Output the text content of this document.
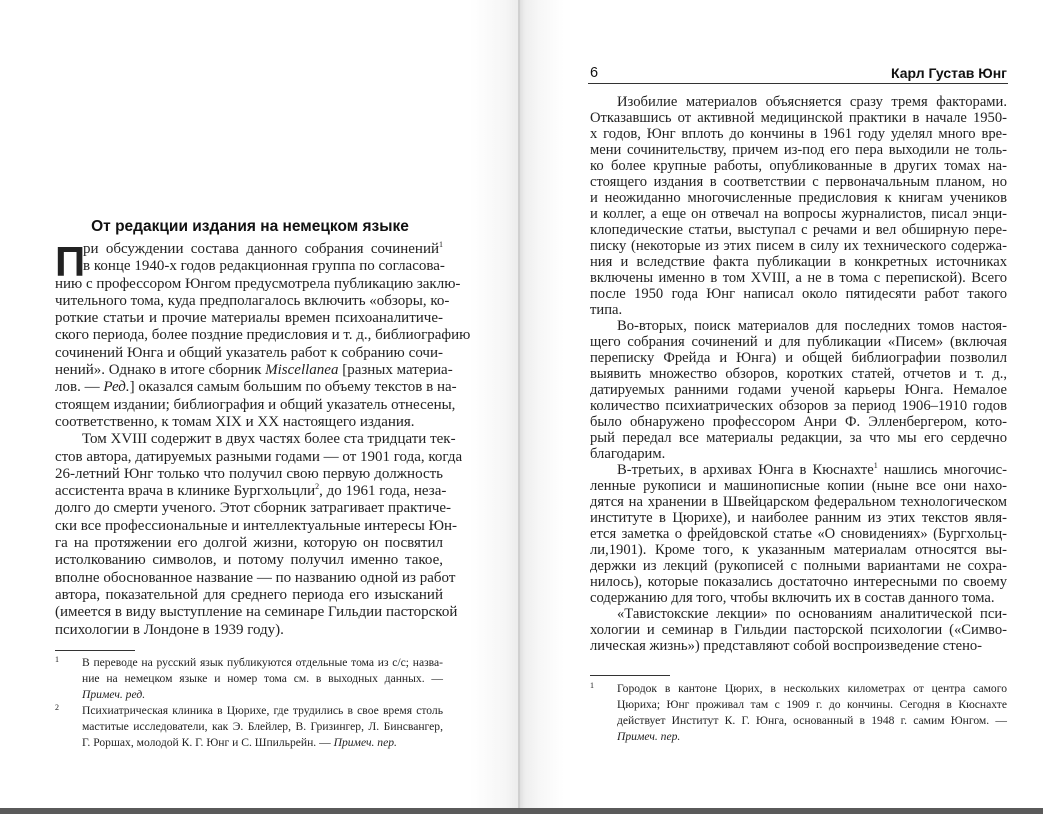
От редакции издания на немецком языке
П
ри обсуждении состава данного собрания сочинений$^1$
в конце 1940-х годов редакционная группа по согласова-
нию с профессором Юнгом предусмотрела публикацию заклю-
чительного тома, куда предполагалось включить «обзоры, ко-
роткие статьи и прочие материалы времен психоаналитиче-
ского периода, более поздние предисловия и т. д., библиографию
сочинений Юнга и общий указатель работ к собранию сочи-
нений». Однако в итоге сборник Miscellanea [разных материа-
лов. — Ред.] оказался самым большим по объему текстов в на-
стоящем издании; библиография и общий указатель отнесены,
соответственно, к томам XIX и XX настоящего издания.
Том XVIII содержит в двух частях более ста тридцати тек-
стов автора, датируемых разными годами — от 1901 года, когда
26-летний Юнг только что получил свою первую должность
ассистента врача в клинике Бургхольцли$^2$, до 1961 года, неза-
долго до смерти ученого. Этот сборник затрагивает практиче-
ски все профессиональные и интеллектуальные интересы Юн-
га на протяжении его долгой жизни, которую он посвятил
истолкованию символов, и потому получил именно такое,
вполне обоснованное название — по названию одной из работ
автора, показательной для среднего периода его изысканий
(имеется в виду выступление на семинаре Гильдии пасторской
психологии в Лондоне в 1939 году).
1 В переводе на русский язык публикуются отдельные тома из с/с; назва-
ние на немецком языке и номер тома см. в выходных данных. —
Примеч. ред.
2 Психиатрическая клиника в Цюрихе, где трудились в свое время столь
маститые исследователи, как Э. Блейлер, В. Гризингер, Л. Бинсвангер,
Г. Роршах, молодой К. Г. Юнг и С. Шпильрейн. — Примеч. пер.
6	Карл Густав Юнг
Изобилие материалов объясняется сразу тремя факторами.
Отказавшись от активной медицинской практики в начале 1950-
х годов, Юнг вплоть до кончины в 1961 году уделял много вре-
мени сочинительству, причем из-под его пера выходили не толь-
ко более крупные работы, опубликованные в других томах на-
стоящего издания в соответствии с первоначальным планом, но
и неожиданно многочисленные предисловия к книгам учеников
и коллег, а еще он отвечал на вопросы журналистов, писал энци-
клопедические статьи, выступал с речами и вел обширную пере-
писку (некоторые из этих писем в силу их технического содержа-
ния и вследствие факта публикации в конкретных источниках
включены именно в том XVIII, а не в тома с перепиской). Всего
после 1950 года Юнг написал около пятидесяти работ такого
типа.
Во-вторых, поиск материалов для последних томов настоя-
щего собрания сочинений и для публикации «Писем» (включая
переписку Фрейда и Юнга) и общей библиографии позволил
выявить множество обзоров, коротких статей, отчетов и т. д.,
датируемых ранними годами ученой карьеры Юнга. Немалое
количество психиатрических обзоров за период 1906–1910 годов
было обнаружено профессором Анри Ф. Элленбергером, кото-
рый передал все материалы редакции, за что мы его сердечно
благодарим.
В-третьих, в архивах Юнга в Кюснахте$^1$ нашлись многочис-
ленные рукописи и машинописные копии (ныне все они нахо-
дятся на хранении в Швейцарском федеральном технологическом
институте в Цюрихе), и наиболее ранним из этих текстов явля-
ется заметка о фрейдовской статье «О сновидениях» (Бургхольц-
ли,1901). Кроме того, к указанным материалам относятся вы-
держки из лекций (рукописей с полными вариантами не сохра-
нилось), которые показались достаточно интересными по своему
содержанию для того, чтобы включить их в состав данного тома.
«Тавистокские лекции» по основаниям аналитической пси-
хологии и семинар в Гильдии пасторской психологии («Симво-
лическая жизнь») представляют собой воспроизведение стено-
1 Городок в кантоне Цюрих, в нескольких километрах от центра самого
Цюриха; Юнг проживал там с 1909 г. до кончины. Сегодня в Кюснахте
действует Институт К. Г. Юнга, основанный в 1948 г. самим Юнгом. —
Примеч. пер.
